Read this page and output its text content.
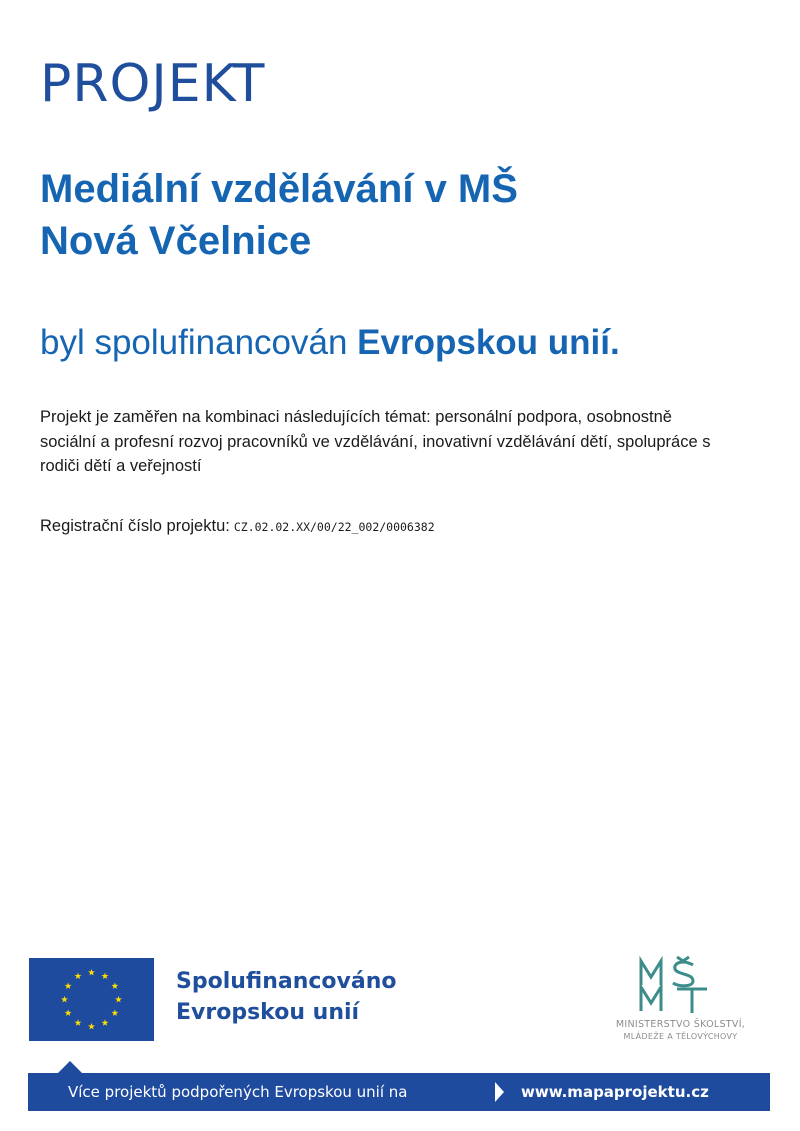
PROJEKT
Mediální vzdělávání v MŠ
Nová Včelnice

byl spolufinancován Evropskou unií.

Projekt je zaměřen na kombinaci následujících témat: personální podpora, osobnostně sociální a profesní rozvoj pracovníků ve vzdělávání, inovativní vzdělávání dětí, spolupráce s rodiči dětí a veřejností

Registrační číslo projektu: CZ.02.02.XX/00/22_002/0006382

Spolufinancováno
Evropskou unií	MINISTERSTVO ŠKOLSTVÍ,
MLÁDEŽE A TĚLOVÝCHOVY
Více projektů podpořených Evropskou unií na	www.mapaprojektu.cz
